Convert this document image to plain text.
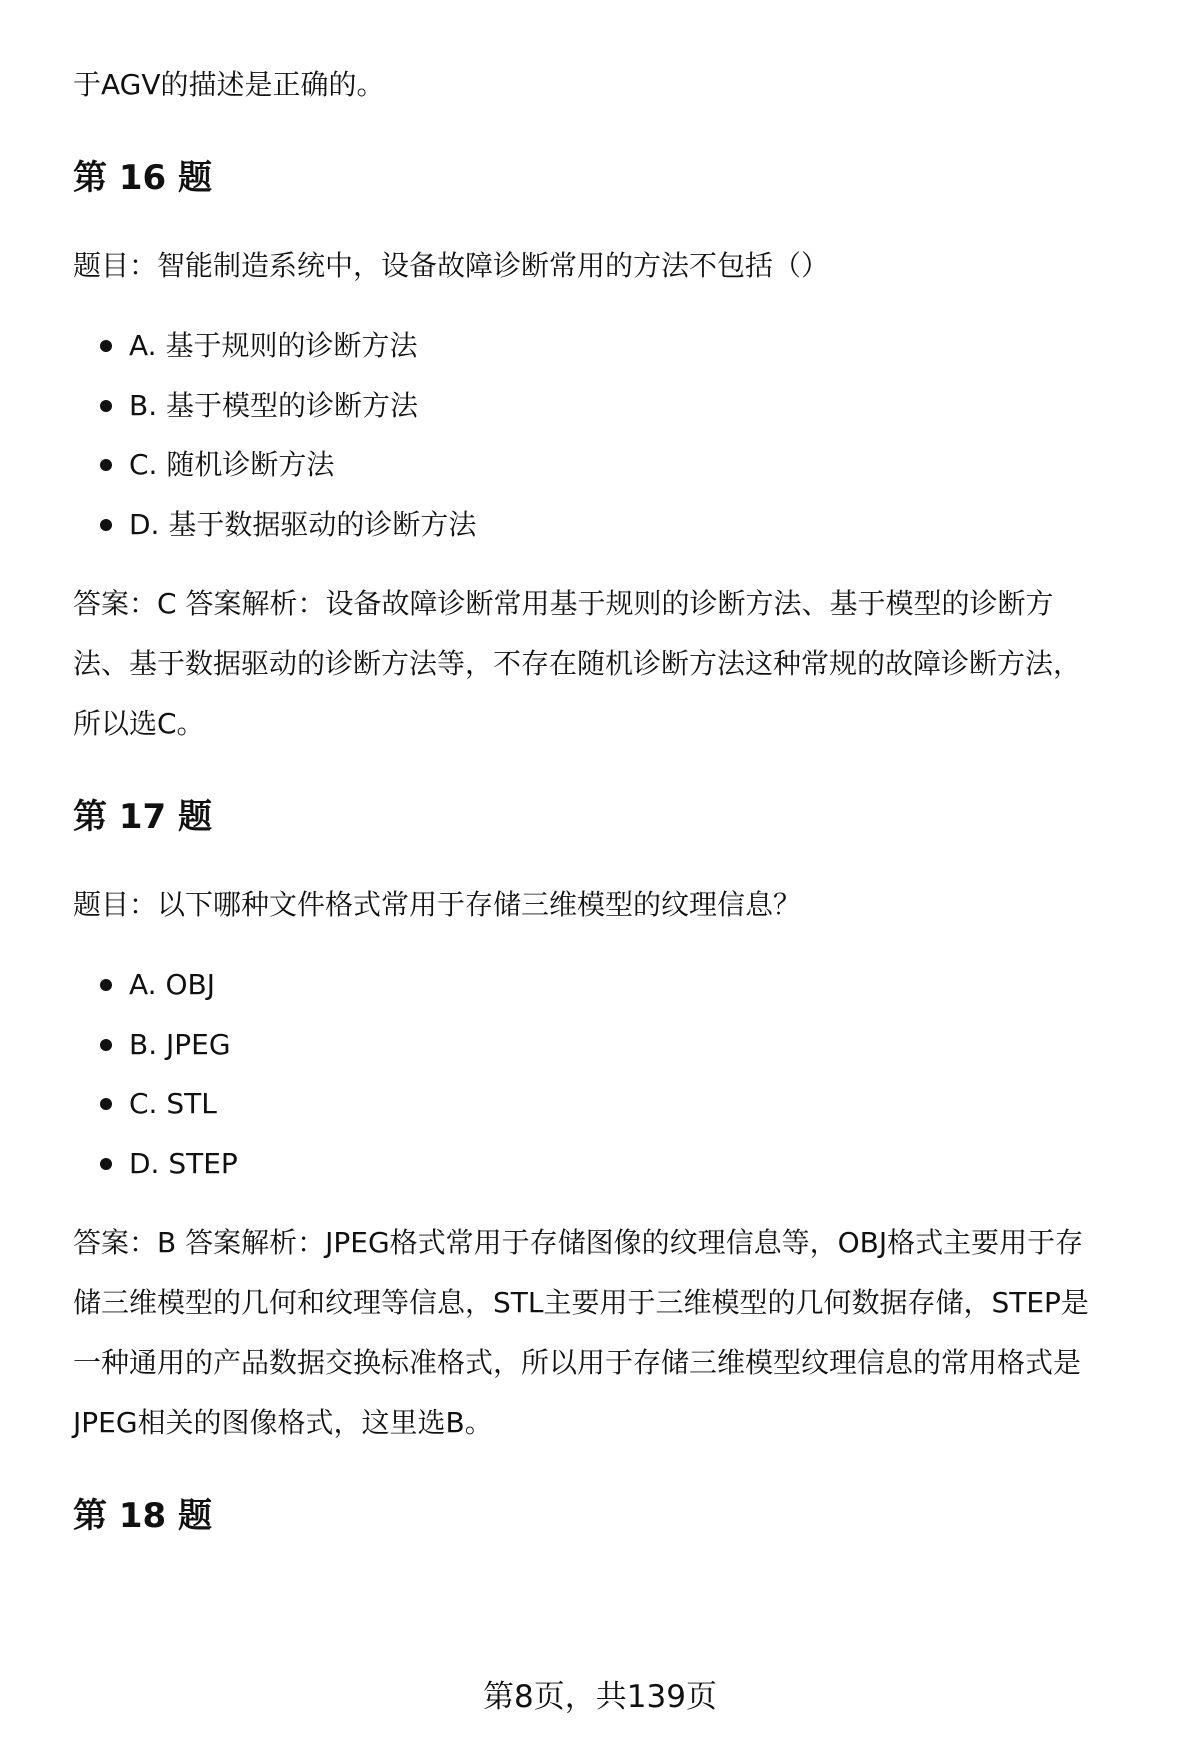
于AGV的描述是正确的。

第 16 题

题目：智能制造系统中，设备故障诊断常用的方法不包括（）

A. 基于规则的诊断方法
B. 基于模型的诊断方法
C. 随机诊断方法
D. 基于数据驱动的诊断方法

答案：C 答案解析：设备故障诊断常用基于规则的诊断方法、基于模型的诊断方

法、基于数据驱动的诊断方法等，不存在随机诊断方法这种常规的故障诊断方法，

所以选C。

第 17 题

题目：以下哪种文件格式常用于存储三维模型的纹理信息？

A. OBJ
B. JPEG
C. STL
D. STEP

答案：B 答案解析：JPEG格式常用于存储图像的纹理信息等，OBJ格式主要用于存

储三维模型的几何和纹理等信息，STL主要用于三维模型的几何数据存储，STEP是

一种通用的产品数据交换标准格式，所以用于存储三维模型纹理信息的常用格式是

JPEG相关的图像格式，这里选B。

第 18 题
第8页，共139页
